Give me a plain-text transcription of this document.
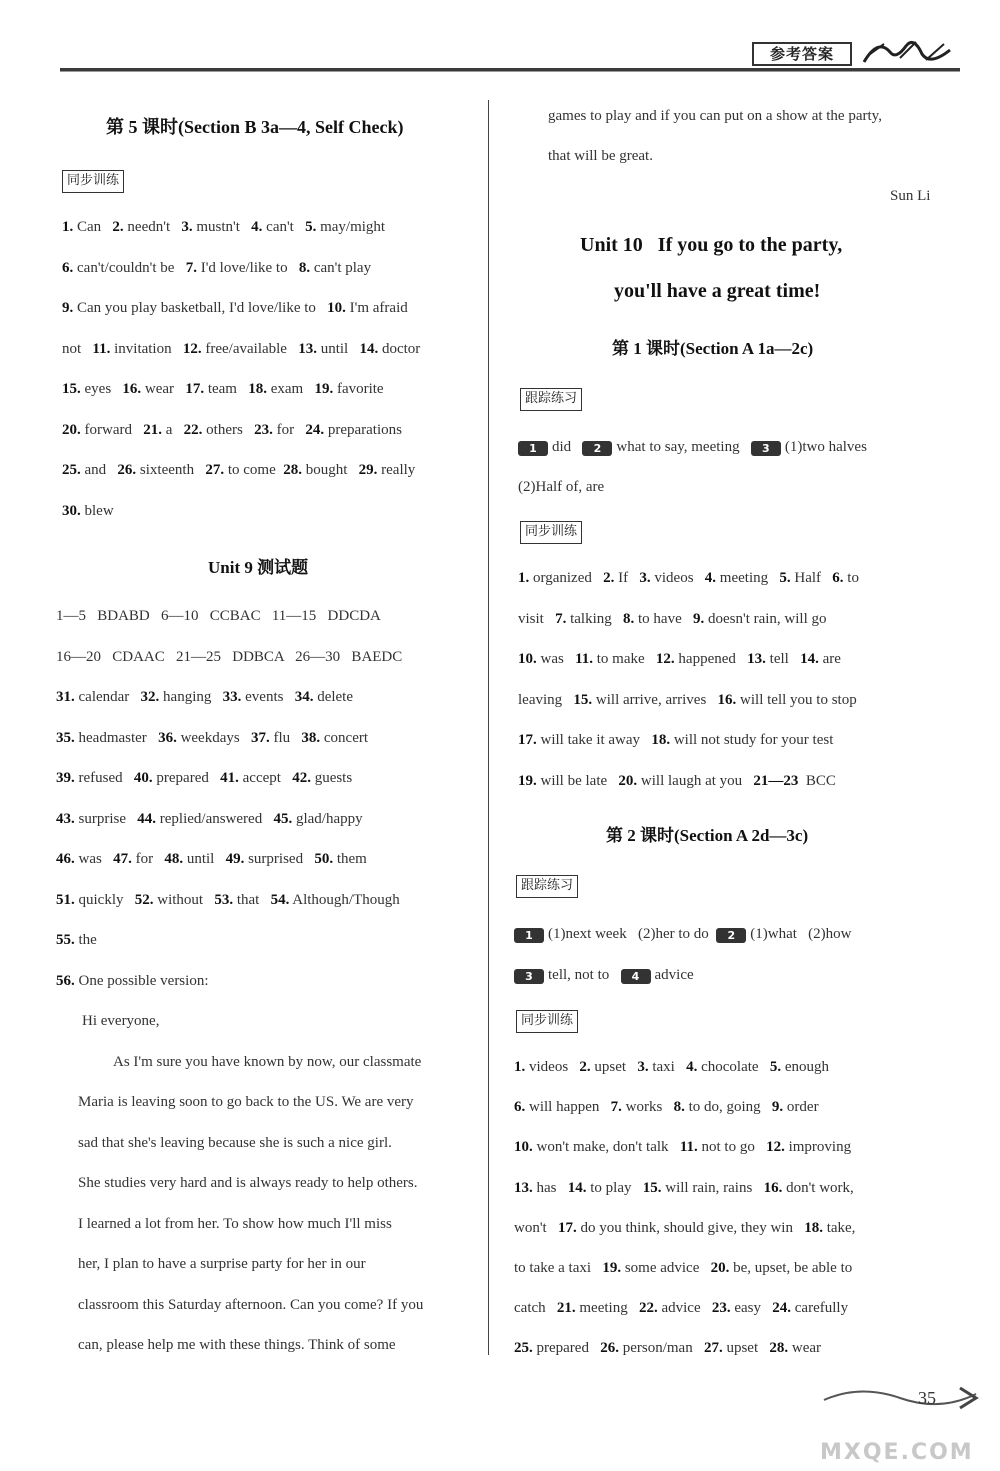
参考答案
第 5 课时(Section B 3a—4, Self Check)
同步训练
1. Can   2. needn't   3. mustn't   4. can't   5. may/might
6. can't/couldn't be   7. I'd love/like to   8. can't play
9. Can you play basketball, I'd love/like to   10. I'm afraid
not   11. invitation   12. free/available   13. until   14. doctor
15. eyes   16. wear   17. team   18. exam   19. favorite
20. forward   21. a   22. others   23. for   24. preparations
25. and   26. sixteenth   27. to come  28. bought   29. really
30. blew
Unit 9 测试题
1—5   BDABD   6—10   CCBAC   11—15   DDCDA
16—20   CDAAC   21—25   DDBCA   26—30   BAEDC
31. calendar   32. hanging   33. events   34. delete
35. headmaster   36. weekdays   37. flu   38. concert
39. refused   40. prepared   41. accept   42. guests
43. surprise   44. replied/answered   45. glad/happy
46. was   47. for   48. until   49. surprised   50. them
51. quickly   52. without   53. that   54. Although/Though
55. the
56. One possible version:
Hi everyone,
As I'm sure you have known by now, our classmate
Maria is leaving soon to go back to the US. We are very
sad that she's leaving because she is such a nice girl.
She studies very hard and is always ready to help others.
I learned a lot from her. To show how much I'll miss
her, I plan to have a surprise party for her in our
classroom this Saturday afternoon. Can you come? If you
can, please help me with these things. Think of some
games to play and if you can put on a show at the party,
that will be great.
Sun Li
Unit 10   If you go to the party,
you'll have a great time!
第 1 课时(Section A 1a—2c)
跟踪练习
1 did   2 what to say, meeting   3 (1)two halves
(2)Half of, are
同步训练
1. organized   2. If   3. videos   4. meeting   5. Half   6. to
visit   7. talking   8. to have   9. doesn't rain, will go
10. was   11. to make   12. happened   13. tell   14. are
leaving   15. will arrive, arrives   16. will tell you to stop
17. will take it away   18. will not study for your test
19. will be late   20. will laugh at you   21—23  BCC
第 2 课时(Section A 2d—3c)
跟踪练习
1 (1)next week   (2)her to do  2 (1)what   (2)how
3 tell, not to   4 advice
同步训练
1. videos   2. upset   3. taxi   4. chocolate   5. enough
6. will happen   7. works   8. to do, going   9. order
10. won't make, don't talk   11. not to go   12. improving
13. has   14. to play   15. will rain, rains   16. don't work,
won't   17. do you think, should give, they win   18. take,
to take a taxi   19. some advice   20. be, upset, be able to
catch   21. meeting   22. advice   23. easy   24. carefully
25. prepared   26. person/man   27. upset   28. wear
35
MXQE.COM
